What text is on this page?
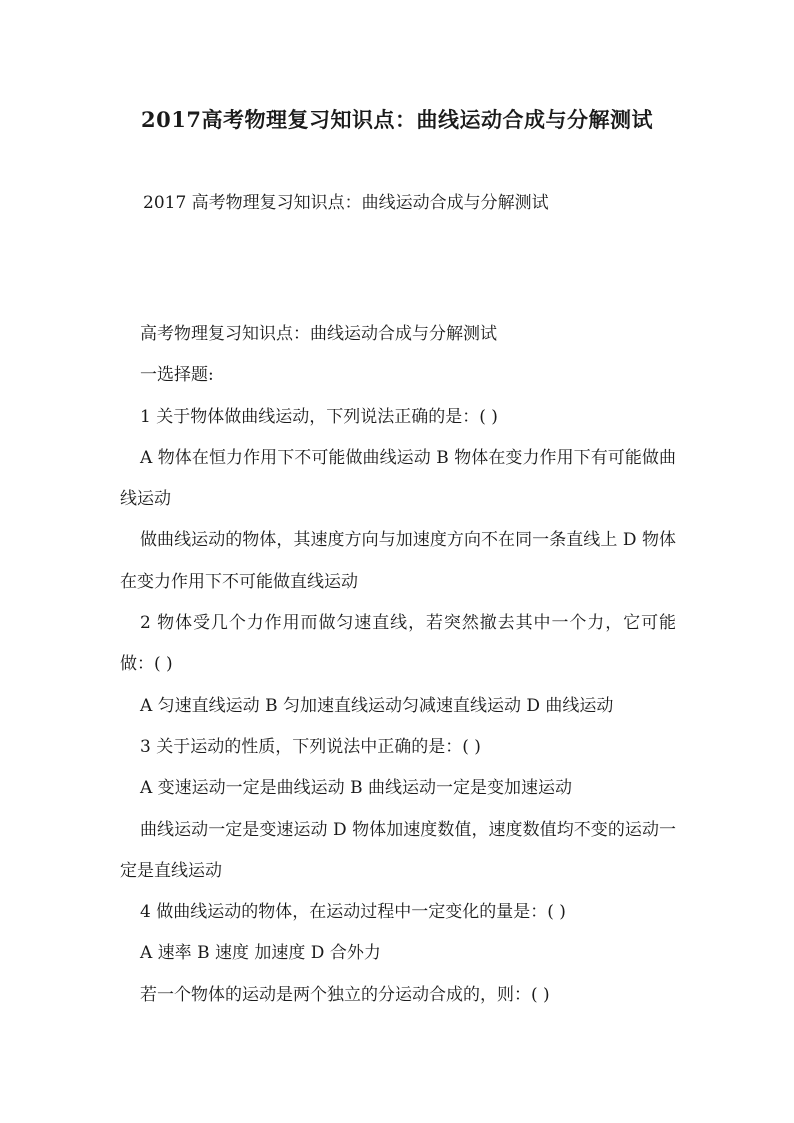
2017高考物理复习知识点：曲线运动合成与分解测试
2017 高考物理复习知识点：曲线运动合成与分解测试

高考物理复习知识点：曲线运动合成与分解测试

一选择题:

1 关于物体做曲线运动，下列说法正确的是：( )

A 物体在恒力作用下不可能做曲线运动 B 物体在变力作用下有可能做曲线运动

做曲线运动的物体，其速度方向与加速度方向不在同一条直线上 D 物体在变力作用下不可能做直线运动

2 物体受几个力作用而做匀速直线，若突然撤去其中一个力，它可能做：( )

A 匀速直线运动 B 匀加速直线运动匀减速直线运动 D 曲线运动

3 关于运动的性质，下列说法中正确的是：( )

A 变速运动一定是曲线运动 B 曲线运动一定是变加速运动

曲线运动一定是变速运动 D 物体加速度数值，速度数值均不变的运动一定是直线运动

4 做曲线运动的物体，在运动过程中一定变化的量是：( )

A 速率 B 速度 加速度 D 合外力

若一个物体的运动是两个独立的分运动合成的，则：( )
